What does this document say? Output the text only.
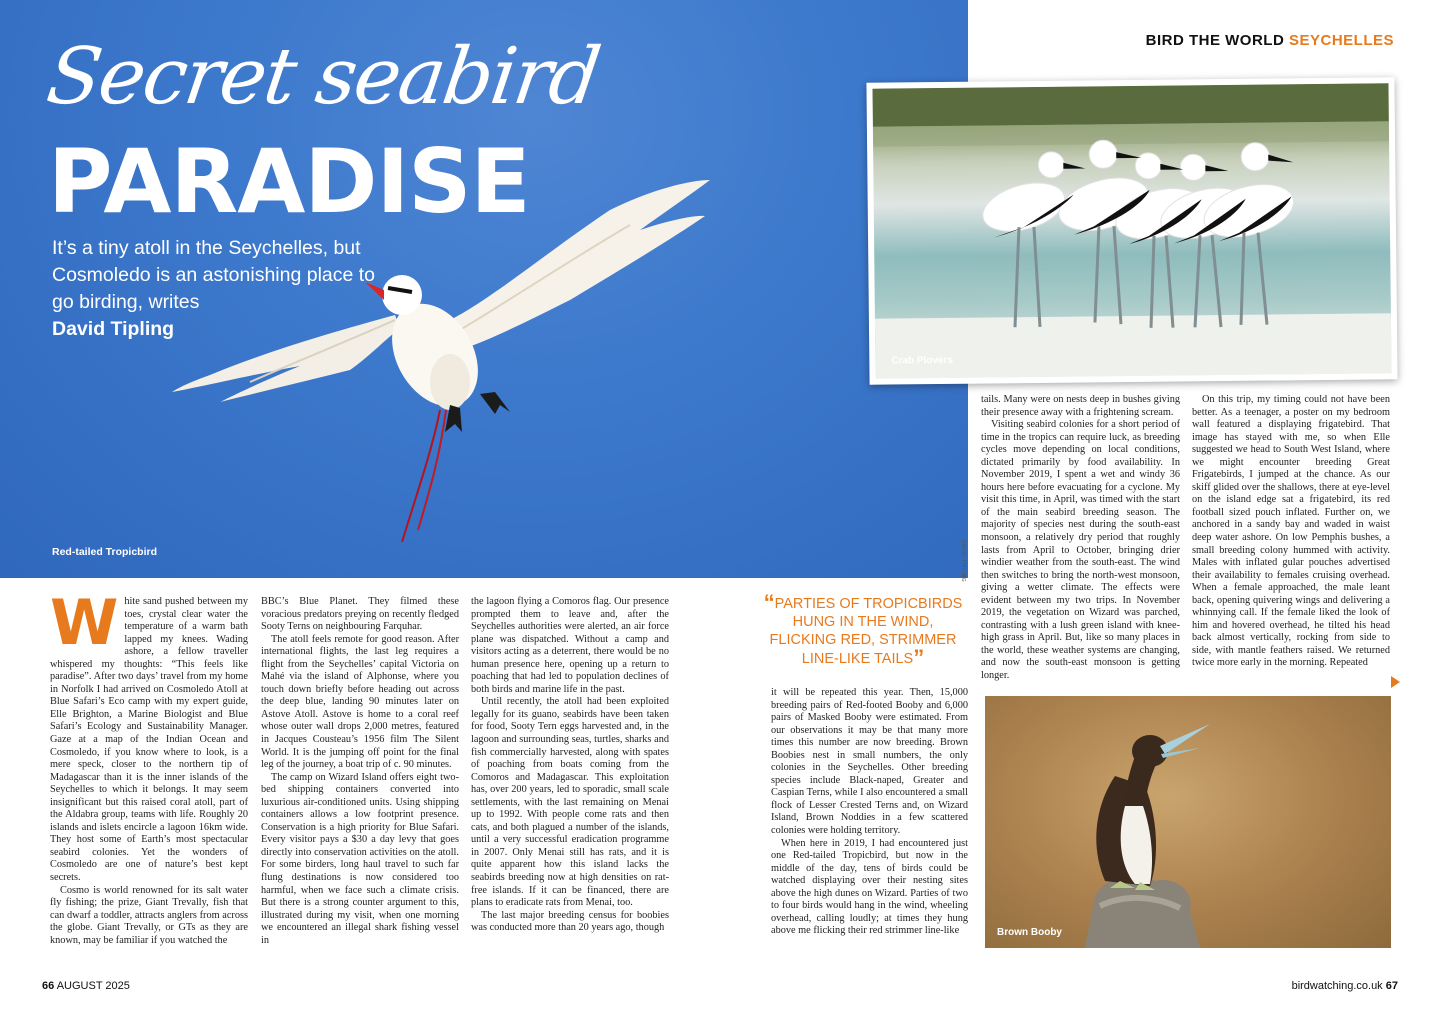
Secret seabird
PARADISE
It’s a tiny atoll in the Seychelles, but Cosmoledo is an astonishing place to go birding, writes
David Tipling
Red-tailed Tropicbird	DAVID TIPLING
BIRD THE WORLD SEYCHELLES
Crab Plovers
W hite sand pushed between my toes, crystal clear water the temperature of a warm bath lapped my knees. Wading ashore, a fellow traveller whispered my thoughts: “This feels like paradise”. After two days’ travel from my home in Norfolk I had arrived on Cosmoledo Atoll at Blue Safari’s Eco camp with my expert guide, Elle Brighton, a Marine Biologist and Blue Safari’s Ecology and Sustainability Manager. Gaze at a map of the Indian Ocean and Cosmoledo, if you know where to look, is a mere speck, closer to the northern tip of Madagascar than it is the inner islands of the Seychelles to which it belongs. It may seem insignificant but this raised coral atoll, part of the Aldabra group, teams with life. Roughly 20 islands and islets encircle a lagoon 16km wide. They host some of Earth’s most spectacular seabird colonies. Yet the wonders of Cosmoledo are one of nature’s best kept secrets.

Cosmo is world renowned for its salt water fly fishing; the prize, Giant Trevally, fish that can dwarf a toddler, attracts anglers from across the globe. Giant Trevally, or GTs as they are known, may be familiar if you watched the

BBC’s Blue Planet. They filmed these voracious predators preying on recently fledged Sooty Terns on neighbouring Farquhar.

The atoll feels remote for good reason. After international flights, the last leg requires a flight from the Seychelles’ capital Victoria on Mahé via the island of Alphonse, where you touch down briefly before heading out across the deep blue, landing 90 minutes later on Astove Atoll. Astove is home to a coral reef whose outer wall drops 2,000 metres, featured in Jacques Cousteau’s 1956 film The Silent World. It is the jumping off point for the final leg of the journey, a boat trip of c. 90 minutes.

The camp on Wizard Island offers eight two-bed shipping containers converted into luxurious air-conditioned units. Using shipping containers allows a low footprint presence. Conservation is a high priority for Blue Safari. Every visitor pays a $30 a day levy that goes directly into conservation activities on the atoll. For some birders, long haul travel to such far flung destinations is now considered too harmful, when we face such a climate crisis. But there is a strong counter argument to this, illustrated during my visit, when one morning we encountered an illegal shark fishing vessel in

the lagoon flying a Comoros flag. Our presence prompted them to leave and, after the Seychelles authorities were alerted, an air force plane was dispatched. Without a camp and visitors acting as a deterrent, there would be no human presence here, opening up a return to poaching that had led to population declines of both birds and marine life in the past.

Until recently, the atoll had been exploited legally for its guano, seabirds have been taken for food, Sooty Tern eggs harvested and, in the lagoon and surrounding seas, turtles, sharks and fish commercially harvested, along with spates of poaching from boats coming from the Comoros and Madagascar. This exploitation has, over 200 years, led to sporadic, small scale settlements, with the last remaining on Menai up to 1992. With people come rats and then cats, and both plagued a number of the islands, until a very successful eradication programme in 2007. Only Menai still has rats, and it is quite apparent how this island lacks the seabirds breeding now at high densities on rat-free islands. If it can be financed, there are plans to eradicate rats from Menai, too.

The last major breeding census for boobies was conducted more than 20 years ago, though

“PARTIES OF TROPICBIRDS HUNG IN THE WIND, FLICKING RED, STRIMMER LINE-LIKE TAILS”

it will be repeated this year. Then, 15,000 breeding pairs of Red-footed Booby and 6,000 pairs of Masked Booby were estimated. From our observations it may be that many more times this number are now breeding. Brown Boobies nest in small numbers, the only colonies in the Seychelles. Other breeding species include Black-naped, Greater and Caspian Terns, while I also encountered a small flock of Lesser Crested Terns and, on Wizard Island, Brown Noddies in a few scattered colonies were holding territory.

When here in 2019, I had encountered just one Red-tailed Tropicbird, but now in the middle of the day, tens of birds could be watched displaying over their nesting sites above the high dunes on Wizard. Parties of two to four birds would hang in the wind, wheeling overhead, calling loudly; at times they hung above me flicking their red strimmer line-like

tails. Many were on nests deep in bushes giving their presence away with a frightening scream.

Visiting seabird colonies for a short period of time in the tropics can require luck, as breeding cycles move depending on local conditions, dictated primarily by food availability. In November 2019, I spent a wet and windy 36 hours here before evacuating for a cyclone. My visit this time, in April, was timed with the start of the main seabird breeding season. The majority of species nest during the south-east monsoon, a relatively dry period that roughly lasts from April to October, bringing drier windier weather from the south-east. The wind then switches to bring the north-west monsoon, giving a wetter climate. The effects were evident between my two trips. In November 2019, the vegetation on Wizard was parched, contrasting with a lush green island with knee-high grass in April. But, like so many places in the world, these weather systems are changing, and now the south-east monsoon is getting longer.

On this trip, my timing could not have been better. As a teenager, a poster on my bedroom wall featured a displaying frigatebird. That image has stayed with me, so when Elle suggested we head to South West Island, where we might encounter breeding Great Frigatebirds, I jumped at the chance. As our skiff glided over the shallows, there at eye-level on the island edge sat a frigatebird, its red football sized pouch inflated. Further on, we anchored in a sandy bay and waded in waist deep water ashore. On low Pemphis bushes, a small breeding colony hummed with activity. Males with inflated gular pouches advertised their availability to females cruising overhead. When a female approached, the male leant back, opening quivering wings and delivering a whinnying call. If the female liked the look of him and hovered overhead, he tilted his head back almost vertically, rocking from side to side, with mantle feathers raised. We returned twice more early in the morning. Repeated

Brown Booby
66 AUGUST 2025	birdwatching.co.uk 67
